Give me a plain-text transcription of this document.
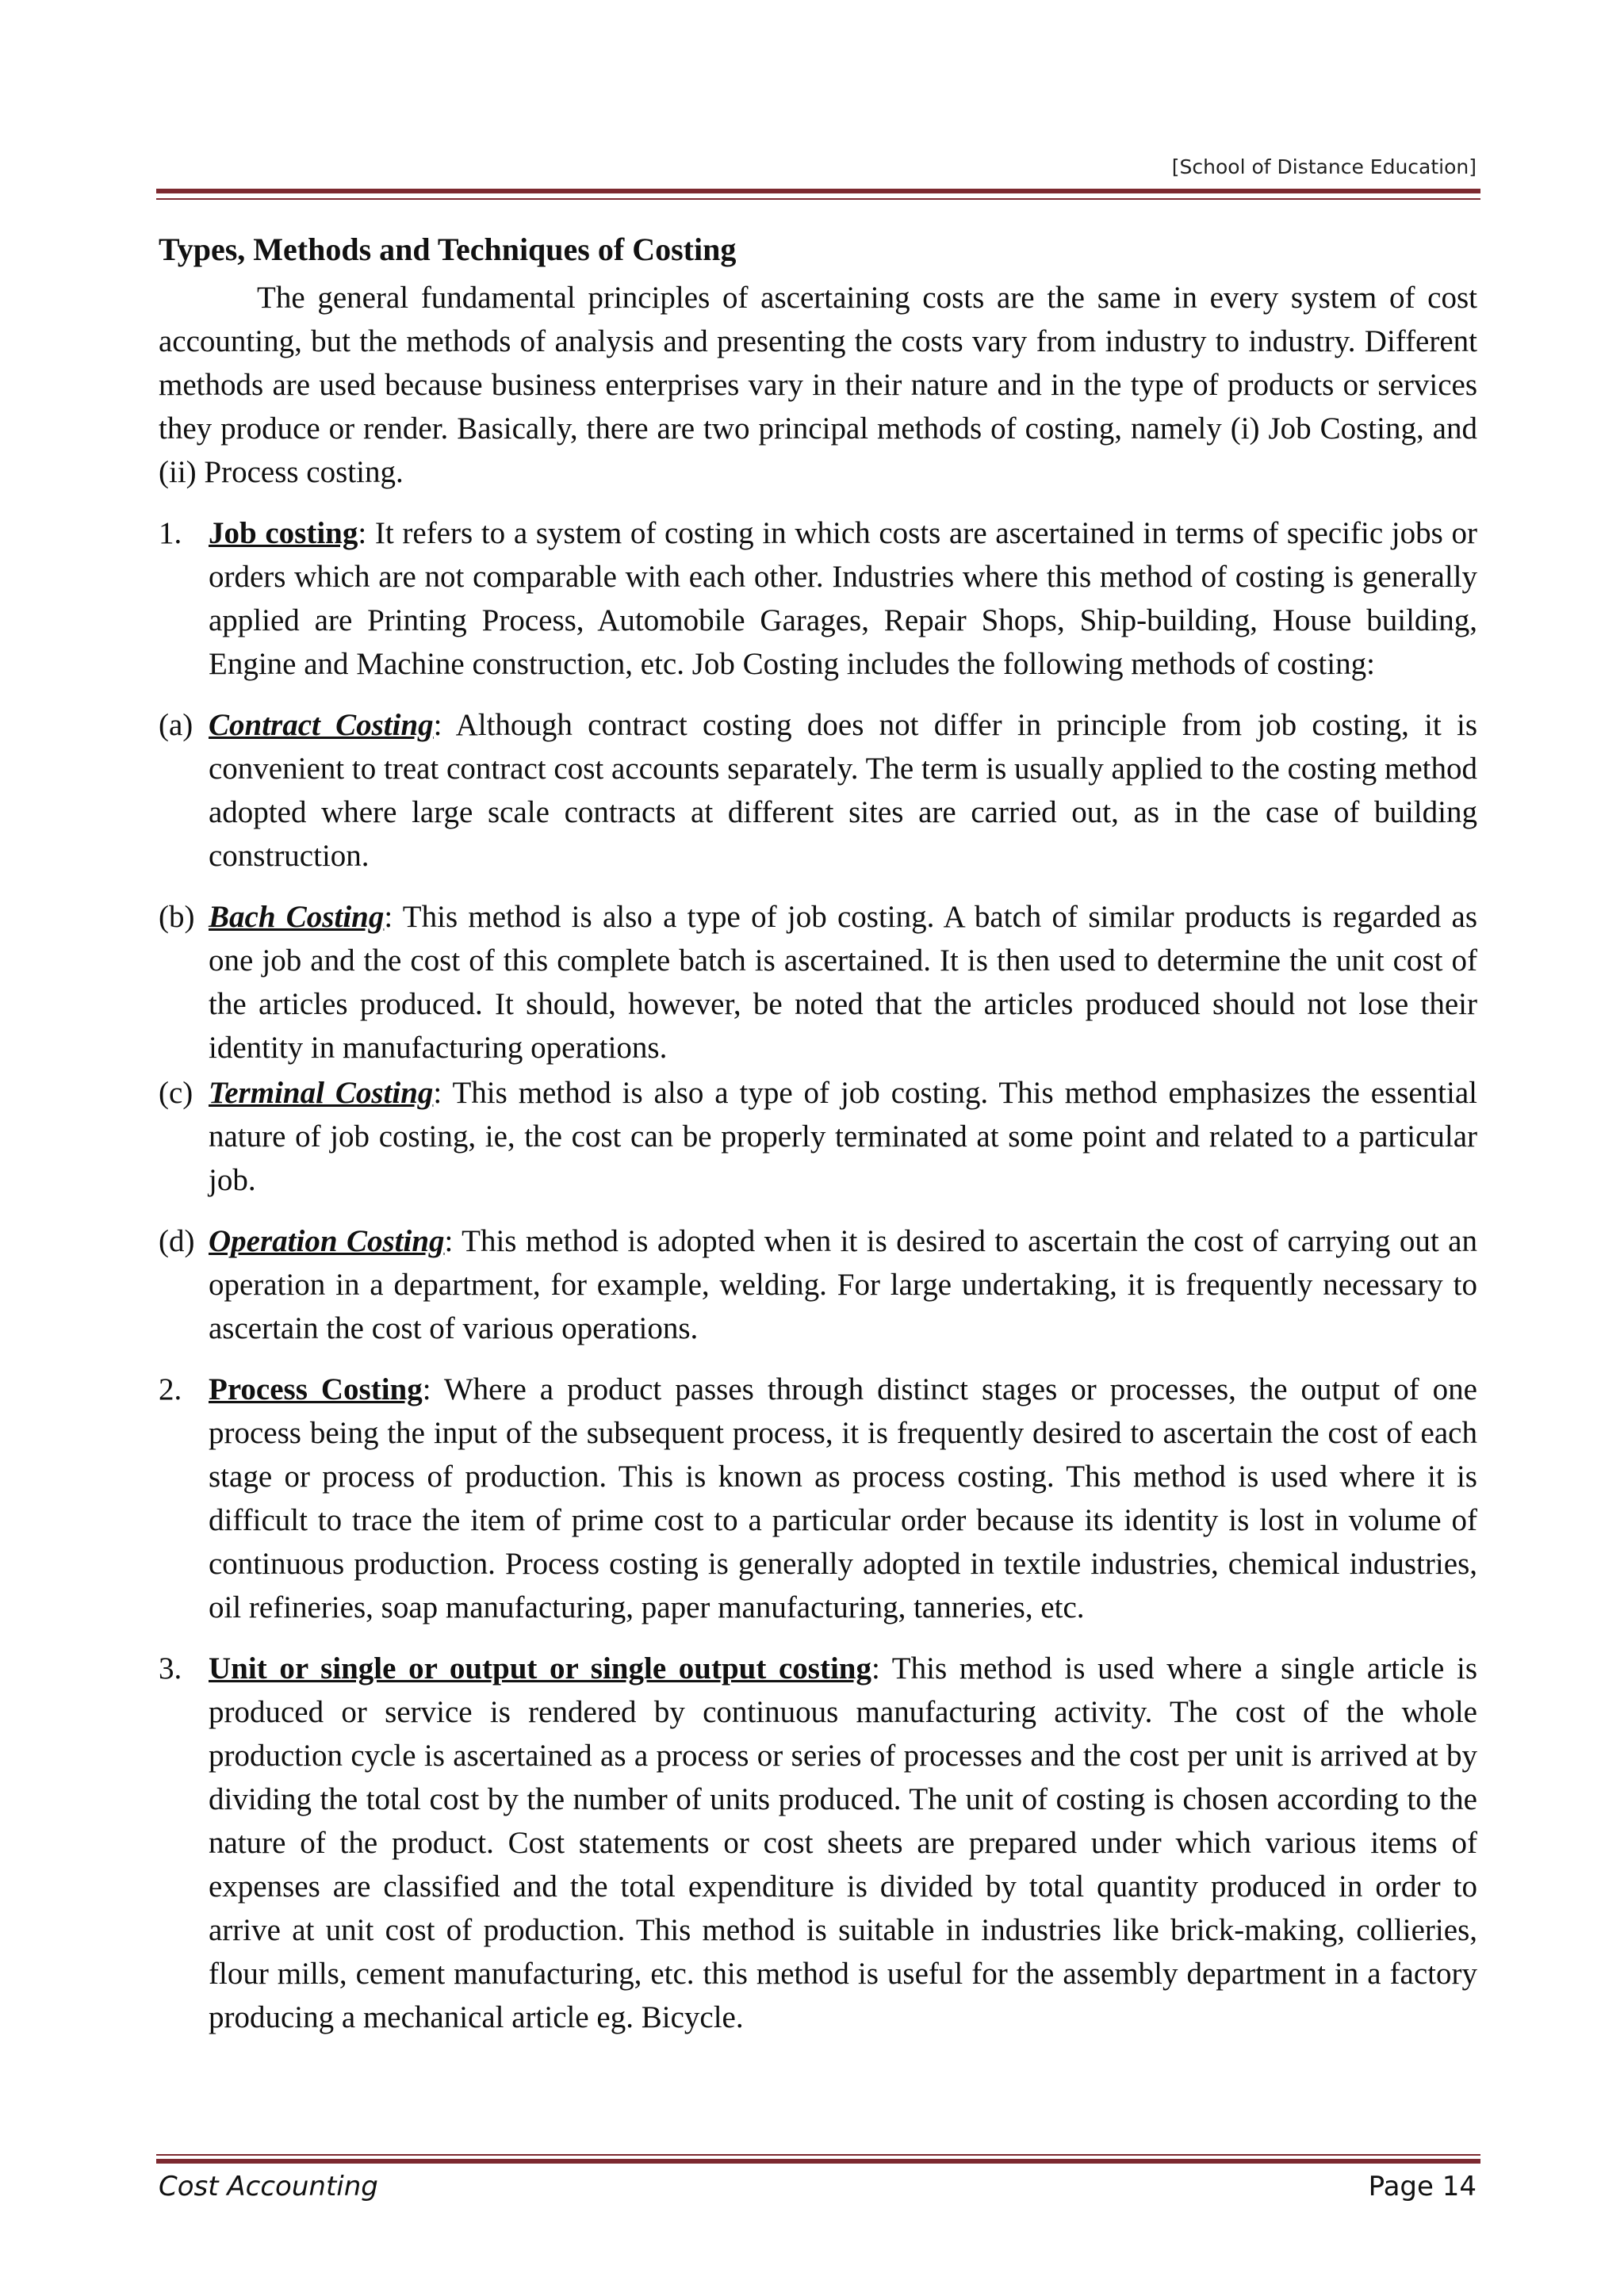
[School of Distance Education]
Types, Methods and Techniques of Costing

The general fundamental principles of ascertaining costs are the same in every system of cost accounting, but the methods of analysis and presenting the costs vary from industry to industry. Different methods are used because business enterprises vary in their nature and in the type of products or services they produce or render. Basically, there are two principal methods of costing, namely (i) Job Costing, and (ii) Process costing.

1. Job costing: It refers to a system of costing in which costs are ascertained in terms of specific jobs or orders which are not comparable with each other. Industries where this method of costing is generally applied are Printing Process, Automobile Garages, Repair Shops, Ship-building, House building, Engine and Machine construction, etc. Job Costing includes the following methods of costing:
(a) Contract Costing: Although contract costing does not differ in principle from job costing, it is convenient to treat contract cost accounts separately. The term is usually applied to the costing method adopted where large scale contracts at different sites are carried out, as in the case of building construction.
(b) Bach Costing: This method is also a type of job costing. A batch of similar products is regarded as one job and the cost of this complete batch is ascertained. It is then used to determine the unit cost of the articles produced. It should, however, be noted that the articles produced should not lose their identity in manufacturing operations.
(c) Terminal Costing: This method is also a type of job costing. This method emphasizes the essential nature of job costing, ie, the cost can be properly terminated at some point and related to a particular job.
(d) Operation Costing: This method is adopted when it is desired to ascertain the cost of carrying out an operation in a department, for example, welding. For large undertaking, it is frequently necessary to ascertain the cost of various operations.
2. Process Costing: Where a product passes through distinct stages or processes, the output of one process being the input of the subsequent process, it is frequently desired to ascertain the cost of each stage or process of production. This is known as process costing. This method is used where it is difficult to trace the item of prime cost to a particular order because its identity is lost in volume of continuous production. Process costing is generally adopted in textile industries, chemical industries, oil refineries, soap manufacturing, paper manufacturing, tanneries, etc.
3. Unit or single or output or single output costing: This method is used where a single article is produced or service is rendered by continuous manufacturing activity. The cost of the whole production cycle is ascertained as a process or series of processes and the cost per unit is arrived at by dividing the total cost by the number of units produced. The unit of costing is chosen according to the nature of the product. Cost statements or cost sheets are prepared under which various items of expenses are classified and the total expenditure is divided by total quantity produced in order to arrive at unit cost of production. This method is suitable in industries like brick-making, collieries, flour mills, cement manufacturing, etc. this method is useful for the assembly department in a factory producing a mechanical article eg. Bicycle.
Cost Accounting	Page 14
